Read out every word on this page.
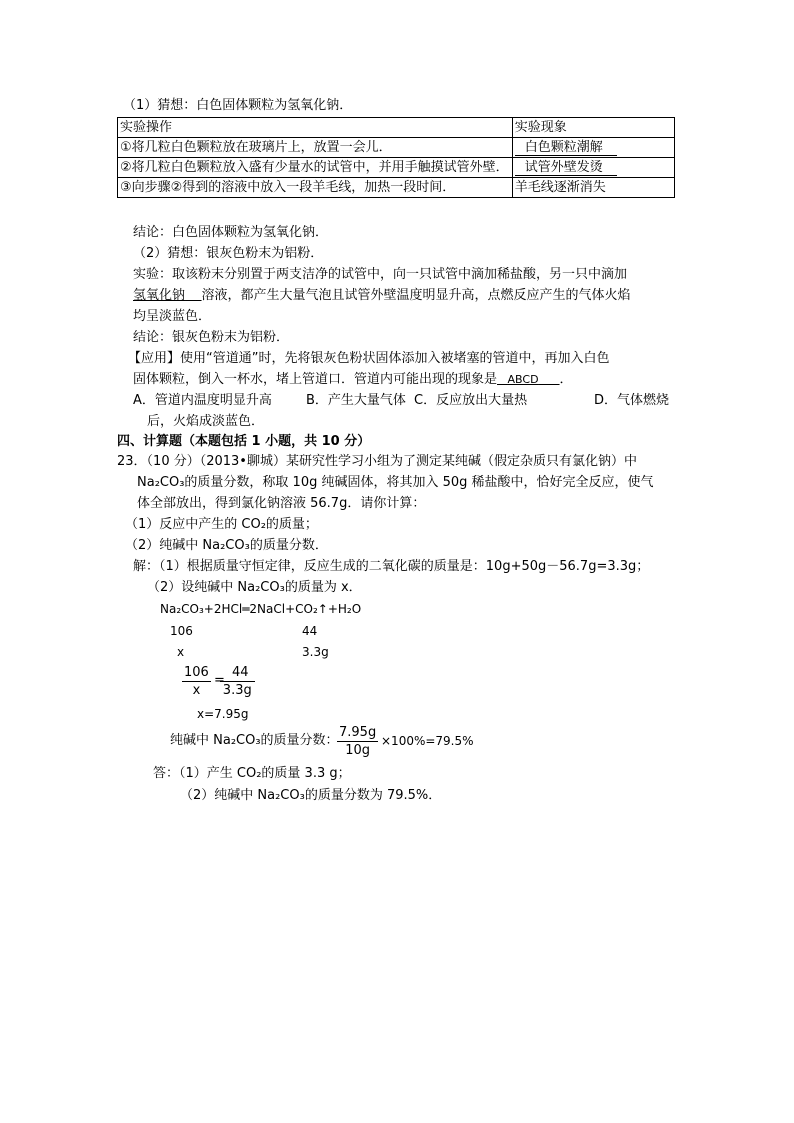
（1）猜想：白色固体颗粒为氢氧化钠．
实验操作	实验现象
①将几粒白色颗粒放在玻璃片上，放置一会儿．	白色颗粒潮解
②将几粒白色颗粒放入盛有少量水的试管中，并用手触摸试管外壁．	试管外壁发烫
③向步骤②得到的溶液中放入一段羊毛线，加热一段时间．	羊毛线逐渐消失
结论：白色固体颗粒为氢氧化钠．
（2）猜想：银灰色粉末为铝粉．
实验：取该粉末分别置于两支洁净的试管中，向一只试管中滴加稀盐酸，另一只中滴加
氢氧化钠 溶液，都产生大量气泡且试管外壁温度明显升高，点燃反应产生的气体火焰
均呈淡蓝色．
结论：银灰色粉末为铝粉．
【应用】使用“管道通”时，先将银灰色粉状固体添加入被堵塞的管道中，再加入白色
固体颗粒，倒入一杯水，堵上管道口．管道内可能出现的现象是 ABCD ．
A．管道内温度明显升高	B．产生大量气体 C．反应放出大量热	D．气体燃烧
后，火焰成淡蓝色．
四、计算题（本题包括 1 小题，共 10 分）
23．（10 分）（2013•聊城）某研究性学习小组为了测定某纯碱（假定杂质只有氯化钠）中
Na₂CO₃的质量分数，称取 10g 纯碱固体，将其加入 50g 稀盐酸中，恰好完全反应，使气
体全部放出，得到氯化钠溶液 56.7g．请你计算：
（1）反应中产生的 CO₂的质量；
（2）纯碱中 Na₂CO₃的质量分数．
解：（1）根据质量守恒定律，反应生成的二氧化碳的质量是：10g+50g－56.7g=3.3g；
（2）设纯碱中 Na₂CO₃的质量为 x．
Na₂CO₃+2HCl═2NaCl+CO₂↑+H₂O
106	44
x	3.3g
$\frac{106}{x}$ =
$\frac{44}{3.3g}$
x=7.95g
纯碱中 Na₂CO₃的质量分数：
$\frac{7.95g}{10g} \times 100\%=79.5\%$
答：（1）产生 CO₂的质量 3.3 g；
（2）纯碱中 Na₂CO₃的质量分数为 79.5%．
